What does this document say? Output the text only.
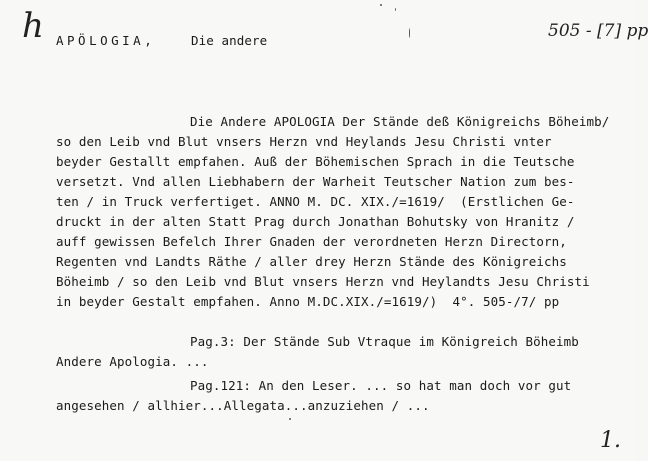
h APÖLOGIA,	Die andere	505 - [7] pp
Die Andere APOLOGIA Der Stände deß Königreichs Böheimb/
so den Leib vnd Blut vnsers Herzn vnd Heylands Jesu Christi vnter
beyder Gestallt empfahen. Auß der Böhemischen Sprach in die Teutsche
versetzt. Vnd allen Liebhabern der Warheit Teutscher Nation zum bes-
ten / in Truck verfertiget. ANNO M. DC. XIX./=1619/  (Erstlichen Ge-
druckt in der alten Statt Prag durch Jonathan Bohutsky von Hranitz /
auff gewissen Befelch Ihrer Gnaden der verordneten Herzn Directorn,
Regenten vnd Landts Räthe / aller drey Herzn Stände des Königreichs
Böheimb / so den Leib vnd Blut vnsers Herzn vnd Heylandts Jesu Christi
in beyder Gestalt empfahen. Anno M.DC.XIX./=1619/)  4°. 505-/7/ pp
Pag.3: Der Stände Sub Vtraque im Königreich Böheimb
Andere Apologia. ...
Pag.121: An den Leser. ... so hat man doch vor gut
angesehen / allhier...Allegata...anzuziehen / ...
1.
